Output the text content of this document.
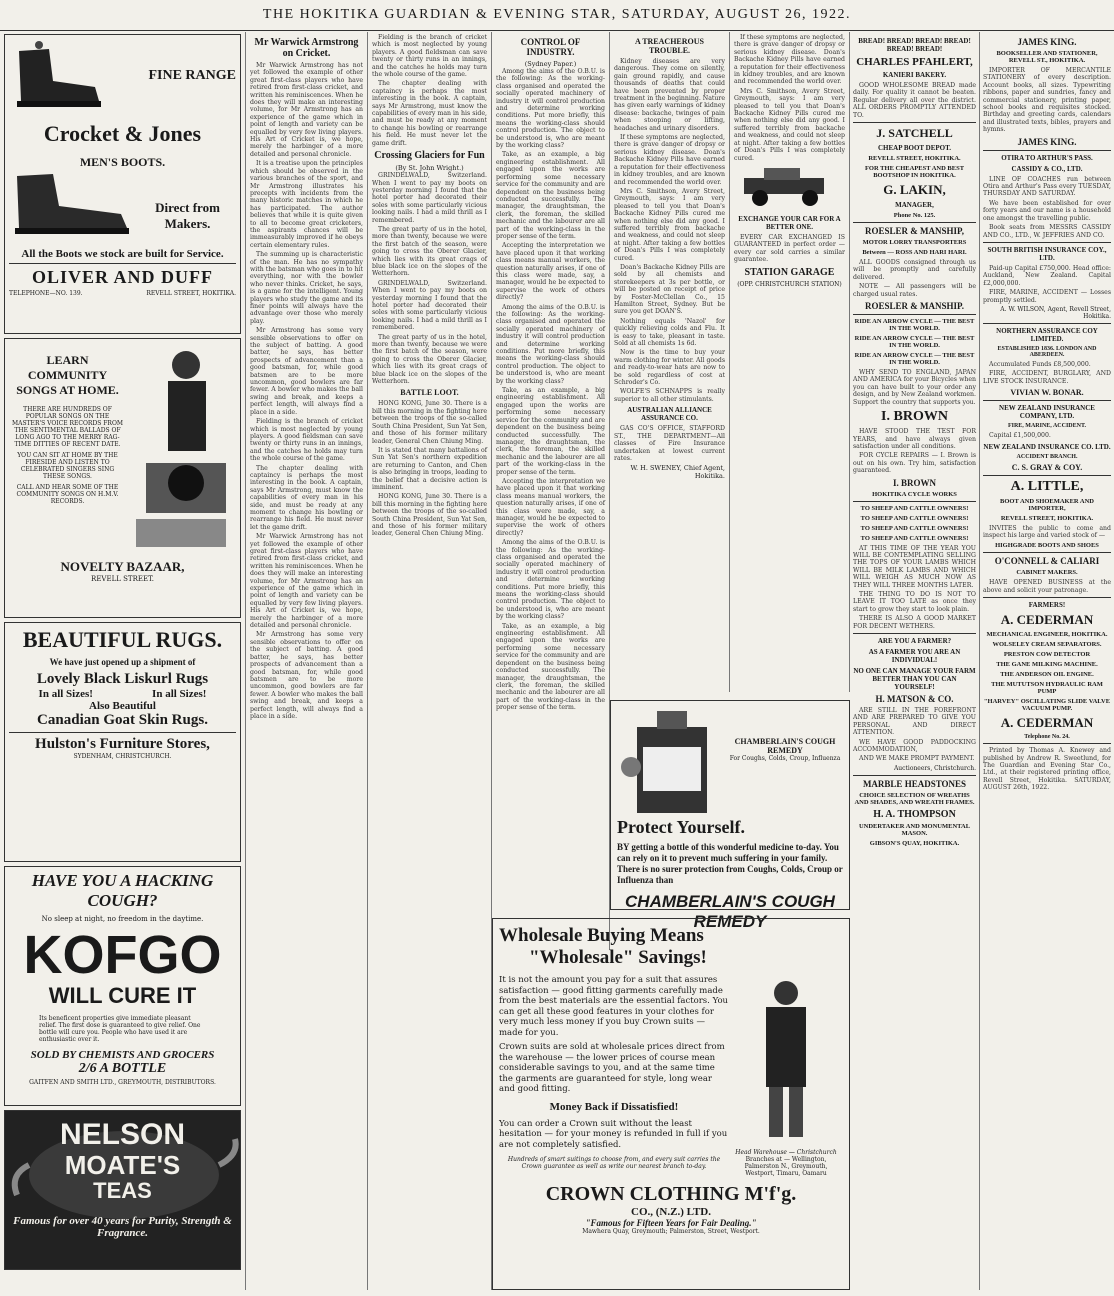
THE HOKITIKA GUARDIAN & EVENING STAR, SATURDAY, AUGUST 26, 1922.
FINE RANGE
Crocket & Jones
MEN'S BOOTS.
Direct from
Makers.
All the Boots we stock are built for Service.
OLIVER AND DUFF
TELEPHONE—NO. 139.	REVELL STREET, HOKITIKA.
LEARN COMMUNITY SONGS AT HOME.
THERE ARE HUNDREDS OF POPULAR SONGS ON THE MASTER'S VOICE RECORDS FROM THE SENTIMENTAL BALLADS OF LONG AGO TO THE MERRY RAG-TIME DITTIES OF RECENT DATE.
YOU CAN SIT AT HOME BY THE FIRESIDE AND LISTEN TO CELEBRATED SINGERS SING THESE SONGS.
CALL AND HEAR SOME OF THE COMMUNITY SONGS ON H.M.V. RECORDS.
NOVELTY BAZAAR,
REVELL STREET.
BEAUTIFUL RUGS.
We have just opened up a shipment of
Lovely Black Liskurl Rugs
In all Sizes!	In all Sizes!
Also Beautiful
Canadian Goat Skin Rugs.
Hulston's Furniture Stores,
SYDENHAM, CHRISTCHURCH.
HAVE YOU A HACKING COUGH?
No sleep at night, no freedom in the daytime.
KOFGO
WILL CURE IT
Its beneficent properties give immediate pleasant relief. The first dose is guaranteed to give relief. One bottle will cure you. People who have used it are enthusiastic over it.
SOLD BY CHEMISTS AND GROCERS
2/6 A BOTTLE
GAITFEN AND SMITH LTD., GREYMOUTH, DISTRIBUTORS.
NELSON
MOATE'S
TEAS
Famous for over 40 years for Purity, Strength & Fragrance.
Mr Warwick Armstrong on Cricket.

Mr Warwick Armstrong has not yet followed the example of other great first-class players who have retired from first-class cricket, and written his reminiscences. When he does they will make an interesting volume, for Mr Armstrong has an experience of the game which in point of length and variety can be equalled by very few living players. His Art of Cricket is, we hope, merely the harbinger of a more detailed and personal chronicle.

It is a treatise upon the principles which should be observed in the various branches of the sport, and Mr Armstrong illustrates his precepts with incidents from the many historic matches in which he has participated. The author believes that while it is quite given to all to become great cricketers, the aspirants chances will be immeasurably improved if he obeys certain elementary rules.

The summing up is characteristic of the man. He has no sympathy with the batsman who goes in to hit everything, nor with the bowler who never thinks. Cricket, he says, is a game for the intelligent. Young players who study the game and its finer points will always have the advantage over those who merely play.

Mr Armstrong has some very sensible observations to offer on the subject of batting. A good batter, he says, has better prospects of advancement than a good batsman, for, while good batsmen are to be more uncommon, good bowlers are far fewer. A bowler who makes the ball swing and break, and keeps a perfect length, will always find a place in a side.

Fielding is the branch of cricket which is most neglected by young players. A good fieldsman can save twenty or thirty runs in an innings, and the catches he holds may turn the whole course of the game.

The chapter dealing with captaincy is perhaps the most interesting in the book. A captain, says Mr Armstrong, must know the capabilities of every man in his side, and must be ready at any moment to change his bowling or rearrange his field. He must never let the game drift.

Mr Warwick Armstrong has not yet followed the example of other great first-class players who have retired from first-class cricket, and written his reminiscences. When he does they will make an interesting volume, for Mr Armstrong has an experience of the game which in point of length and variety can be equalled by very few living players. His Art of Cricket is, we hope, merely the harbinger of a more detailed and personal chronicle.

Mr Armstrong has some very sensible observations to offer on the subject of batting. A good batter, he says, has better prospects of advancement than a good batsman, for, while good batsmen are to be more uncommon, good bowlers are far fewer. A bowler who makes the ball swing and break, and keeps a perfect length, will always find a place in a side.

Fielding is the branch of cricket which is most neglected by young players. A good fieldsman can save twenty or thirty runs in an innings, and the catches he holds may turn the whole course of the game.

The chapter dealing with captaincy is perhaps the most interesting in the book. A captain, says Mr Armstrong, must know the capabilities of every man in his side, and must be ready at any moment to change his bowling or rearrange his field. He must never let the game drift.

Crossing Glaciers for Fun
(By St. John Wright.)

GRINDELWALD, Switzerland. When I went to pay my boots on yesterday morning I found that the hotel porter had decorated their soles with some particularly vicious looking nails. I had a mild thrill as I remembered.

The great party of us in the hotel, more than twenty, because we were the first batch of the season, were going to cross the Oberer Glacier, which lies with its great crags of blue black ice on the slopes of the Wetterhorn.

GRINDELWALD, Switzerland. When I went to pay my boots on yesterday morning I found that the hotel porter had decorated their soles with some particularly vicious looking nails. I had a mild thrill as I remembered.

The great party of us in the hotel, more than twenty, because we were the first batch of the season, were going to cross the Oberer Glacier, which lies with its great crags of blue black ice on the slopes of the Wetterhorn.

BATTLE LOOT.

HONG KONG, June 30. There is a bill this morning in the fighting here between the troops of the so-called South China President, Sun Yat Sen, and those of his former military leader, General Chen Chiung Ming.

It is stated that many battalions of Sun Yat Sen's northern expedition are returning to Canton, and Chen is also bringing in troops, leading to the belief that a decisive action is imminent.

HONG KONG, June 30. There is a bill this morning in the fighting here between the troops of the so-called South China President, Sun Yat Sen, and those of his former military leader, General Chen Chiung Ming.

CONTROL OF INDUSTRY.
(Sydney Paper.)

Among the aims of the O.B.U. is the following: As the working-class organised and operated the socially operated machinery of industry it will control production and determine working conditions. Put more briefly, this means the working-class should control production. The object to be understood is, who are meant by the working class?

Take, as an example, a big engineering establishment. All engaged upon the works are performing some necessary service for the community and are dependent on the business being conducted successfully. The manager, the draughtsman, the clerk, the foreman, the skilled mechanic and the labourer are all part of the working-class in the proper sense of the term.

Accepting the interpretation we have placed upon it that working class means manual workers, the question naturally arises, if one of this class were made, say, a manager, would he be expected to supervise the work of others directly?

Among the aims of the O.B.U. is the following: As the working-class organised and operated the socially operated machinery of industry it will control production and determine working conditions. Put more briefly, this means the working-class should control production. The object to be understood is, who are meant by the working class?

Take, as an example, a big engineering establishment. All engaged upon the works are performing some necessary service for the community and are dependent on the business being conducted successfully. The manager, the draughtsman, the clerk, the foreman, the skilled mechanic and the labourer are all part of the working-class in the proper sense of the term.

Accepting the interpretation we have placed upon it that working class means manual workers, the question naturally arises, if one of this class were made, say, a manager, would he be expected to supervise the work of others directly?

Among the aims of the O.B.U. is the following: As the working-class organised and operated the socially operated machinery of industry it will control production and determine working conditions. Put more briefly, this means the working-class should control production. The object to be understood is, who are meant by the working class?

Take, as an example, a big engineering establishment. All engaged upon the works are performing some necessary service for the community and are dependent on the business being conducted successfully. The manager, the draughtsman, the clerk, the foreman, the skilled mechanic and the labourer are all part of the working-class in the proper sense of the term.

A TREACHEROUS TROUBLE.

Kidney diseases are very dangerous. They come on silently, gain ground rapidly, and cause thousands of deaths that could have been prevented by proper treatment in the beginning. Nature has given early warnings of kidney disease: backache, twinges of pain when stooping or lifting, headaches and urinary disorders.

If these symptoms are neglected, there is grave danger of dropsy or serious kidney disease. Doan's Backache Kidney Pills have earned a reputation for their effectiveness in kidney troubles, and are known and recommended the world over.

Mrs C. Smithson, Avery Street, Greymouth, says: I am very pleased to tell you that Doan's Backache Kidney Pills cured me when nothing else did any good. I suffered terribly from backache and weakness, and could not sleep at night. After taking a few bottles of Doan's Pills I was completely cured.

Doan's Backache Kidney Pills are sold by all chemists and storekeepers at 3s per bottle, or will be posted on receipt of price by Foster-McClellan Co., 15 Hamilton Street, Sydney. But be sure you get DOAN'S.

Nothing equals 'Nazol' for quickly relieving colds and Flu. It is easy to take, pleasant in taste. Sold at all chemists 1s 6d.

Now is the time to buy your warm clothing for winter. All goods and ready-to-wear hats are now to be sold regardless of cost at Schroder's Co.

WOLFE'S SCHNAPPS is really superior to all other stimulants.

AUSTRALIAN ALLIANCE ASSURANCE CO.

GAS CO'S OFFICE, STAFFORD ST., THE DEPARTMENT—All classes of Fire Insurance undertaken at lowest current rates.

W. H. SWENEY, Chief Agent, Hokitika.

If these symptoms are neglected, there is grave danger of dropsy or serious kidney disease. Doan's Backache Kidney Pills have earned a reputation for their effectiveness in kidney troubles, and are known and recommended the world over.

Mrs C. Smithson, Avery Street, Greymouth, says: I am very pleased to tell you that Doan's Backache Kidney Pills cured me when nothing else did any good. I suffered terribly from backache and weakness, and could not sleep at night. After taking a few bottles of Doan's Pills I was completely cured.

EXCHANGE YOUR CAR FOR A BETTER ONE.

EVERY CAR EXCHANGED IS GUARANTEED in perfect order — every car sold carries a similar guarantee.

STATION GARAGE
(OPP. CHRISTCHURCH STATION)
CHAMBERLAIN'S COUGH REMEDY
For Coughs, Colds, Croup, Influenza
Protect Yourself.
BY getting a bottle of this wonderful medicine to-day. You can rely on it to prevent much suffering in your family. There is no surer protection from Coughs, Colds, Croup or Influenza than
CHAMBERLAIN'S COUGH REMEDY
Wholesale Buying Means
"Wholesale" Savings!
It is not the amount you pay for a suit that assures satisfaction — good fitting garments carefully made from the best materials are the essential factors. You can get all these good features in your clothes for very much less money if you buy Crown suits — made for you.
Crown suits are sold at wholesale prices direct from the warehouse — the lower prices of course mean considerable savings to you, and at the same time the garments are guaranteed for style, long wear and good fitting.
Money Back if Dissatisfied!
You can order a Crown suit without the least hesitation — for your money is refunded in full if you are not completely satisfied.
Hundreds of smart suitings to choose from, and every suit carries the Crown guarantee as well as write our nearest branch to-day.
Head Warehouse — Christchurch
Branches at — Wellington, Palmerston N., Greymouth, Westport, Timaru, Oamaru
CROWN CLOTHING M'f'g.
CO., (N.Z.) LTD.
"Famous for Fifteen Years for Fair Dealing."
Mawhera Quay, Greymouth; Palmerston, Street, Westport.
BREAD! BREAD! BREAD! BREAD! BREAD! BREAD!
CHARLES PFAHLERT,
KANIERI BAKERY.

GOOD WHOLESOME BREAD made daily. For quality it cannot be beaten. Regular delivery all over the district. ALL ORDERS PROMPTLY ATTENDED TO.

J. SATCHELL
CHEAP BOOT DEPOT.
REVELL STREET, HOKITIKA.
FOR THE CHEAPEST AND BEST BOOTSHOP IN HOKITIKA.
G. LAKIN,
MANAGER,
Phone No. 125.
ROESLER & MANSHIP,
MOTOR LORRY TRANSPORTERS
Between — ROSS AND HARI HARI.

ALL GOODS consigned through us will be promptly and carefully delivered.

NOTE — All passengers will be charged usual rates.

ROESLER & MANSHIP.
RIDE AN ARROW CYCLE — THE BEST IN THE WORLD.
RIDE AN ARROW CYCLE — THE BEST IN THE WORLD.
RIDE AN ARROW CYCLE — THE BEST IN THE WORLD.

WHY SEND TO ENGLAND, JAPAN AND AMERICA for your Bicycles when you can have built to your order any design, and by New Zealand workmen. Support the country that supports you.

I. BROWN

HAVE STOOD THE TEST FOR YEARS, and have always given satisfaction under all conditions.

FOR CYCLE REPAIRS — I. Brown is out on his own. Try him, satisfaction guaranteed.

I. BROWN
HOKITIKA CYCLE WORKS
TO SHEEP AND CATTLE OWNERS!
TO SHEEP AND CATTLE OWNERS!
TO SHEEP AND CATTLE OWNERS!
TO SHEEP AND CATTLE OWNERS!

AT THIS TIME OF THE YEAR YOU WILL BE CONTEMPLATING SELLING THE TOPS OF YOUR LAMBS WHICH WILL BE MILK LAMBS AND WHICH WILL WEIGH AS MUCH NOW AS THEY WILL THREE MONTHS LATER.

THE THING TO DO IS NOT TO LEAVE IT TOO LATE as once they start to grow they start to look plain.

THERE IS ALSO A GOOD MARKET FOR DECENT WETHERS.

ARE YOU A FARMER?
AS A FARMER YOU ARE AN INDIVIDUAL!
NO ONE CAN MANAGE YOUR FARM BETTER THAN YOU CAN YOURSELF!
H. MATSON & CO.

ARE STILL IN THE FOREFRONT AND ARE PREPARED TO GIVE YOU PERSONAL AND DIRECT ATTENTION.

WE HAVE GOOD PADDOCKING ACCOMMODATION,

AND WE MAKE PROMPT PAYMENT.

Auctioneers, Christchurch.
MARBLE HEADSTONES
CHOICE SELECTION OF WREATHS AND SHADES, AND WREATH FRAMES.
H. A. THOMPSON
UNDERTAKER AND MONUMENTAL MASON.
GIBSON'S QUAY, HOKITIKA.
JAMES KING.
BOOKSELLER AND STATIONER, REVELL ST., HOKITIKA.

IMPORTER OF MERCANTILE STATIONERY of every description. Account books, all sizes. Typewriting ribbons, paper and sundries, fancy and commercial stationery, printing paper, school books and requisites stocked. Birthday and greeting cards, calendars and illustrated texts, bibles, prayers and hymns.

JAMES KING.
OTIRA TO ARTHUR'S PASS.
CASSIDY & CO., LTD.

LINE OF COACHES run between Otira and Arthur's Pass every TUESDAY, THURSDAY AND SATURDAY.

We have been established for over forty years and our name is a household one amongst the travelling public.

Book seats from MESSRS CASSIDY AND CO., LTD., W. JEFFRIES AND CO.

SOUTH BRITISH INSURANCE COY., LTD.

Paid-up Capital £750,000. Head office: Auckland, New Zealand. Capital £2,000,000.

FIRE, MARINE, ACCIDENT — Losses promptly settled.

A. W. WILSON, Agent, Revell Street, Hokitika.
NORTHERN ASSURANCE COY LIMITED.
ESTABLISHED 1836. LONDON AND ABERDEEN.

Accumulated Funds £8,500,000.

FIRE, ACCIDENT, BURGLARY, AND LIVE STOCK INSURANCE.

VIVIAN W. BONAR.
NEW ZEALAND INSURANCE COMPANY, LTD.
FIRE, MARINE, ACCIDENT.

Capital £1,500,000.

NEW ZEALAND INSURANCE CO. LTD.
ACCIDENT BRANCH.
C. S. GRAY & COY.
A. LITTLE,
BOOT AND SHOEMAKER AND IMPORTER,
REVELL STREET, HOKITIKA.

INVITES the public to come and inspect his large and varied stock of —

HIGHGRADE BOOTS AND SHOES
O'CONNELL & CALIARI
CABINET MAKERS.

HAVE OPENED BUSINESS at the above and solicit your patronage.

FARMERS!
A. CEDERMAN
MECHANICAL ENGINEER, HOKITIKA.
WOLSELEY CREAM SEPARATORS.
PRESTON COW DETECTOR
THE GANE MILKING MACHINE.
THE ANDERSON OIL ENGINE.
THE MUTUTSON HYDRAULIC RAM PUMP
"HARVEY" OSCILLATING SLIDE VALVE VACUUM PUMP.
A. CEDERMAN
Telephone No. 24.

Printed by Thomas A. Knewey and published by Andrew R. Sweetlund, for The Guardian and Evening Star Co., Ltd., at their registered printing office, Revell Street, Hokitika. SATURDAY, AUGUST 26th, 1922.
